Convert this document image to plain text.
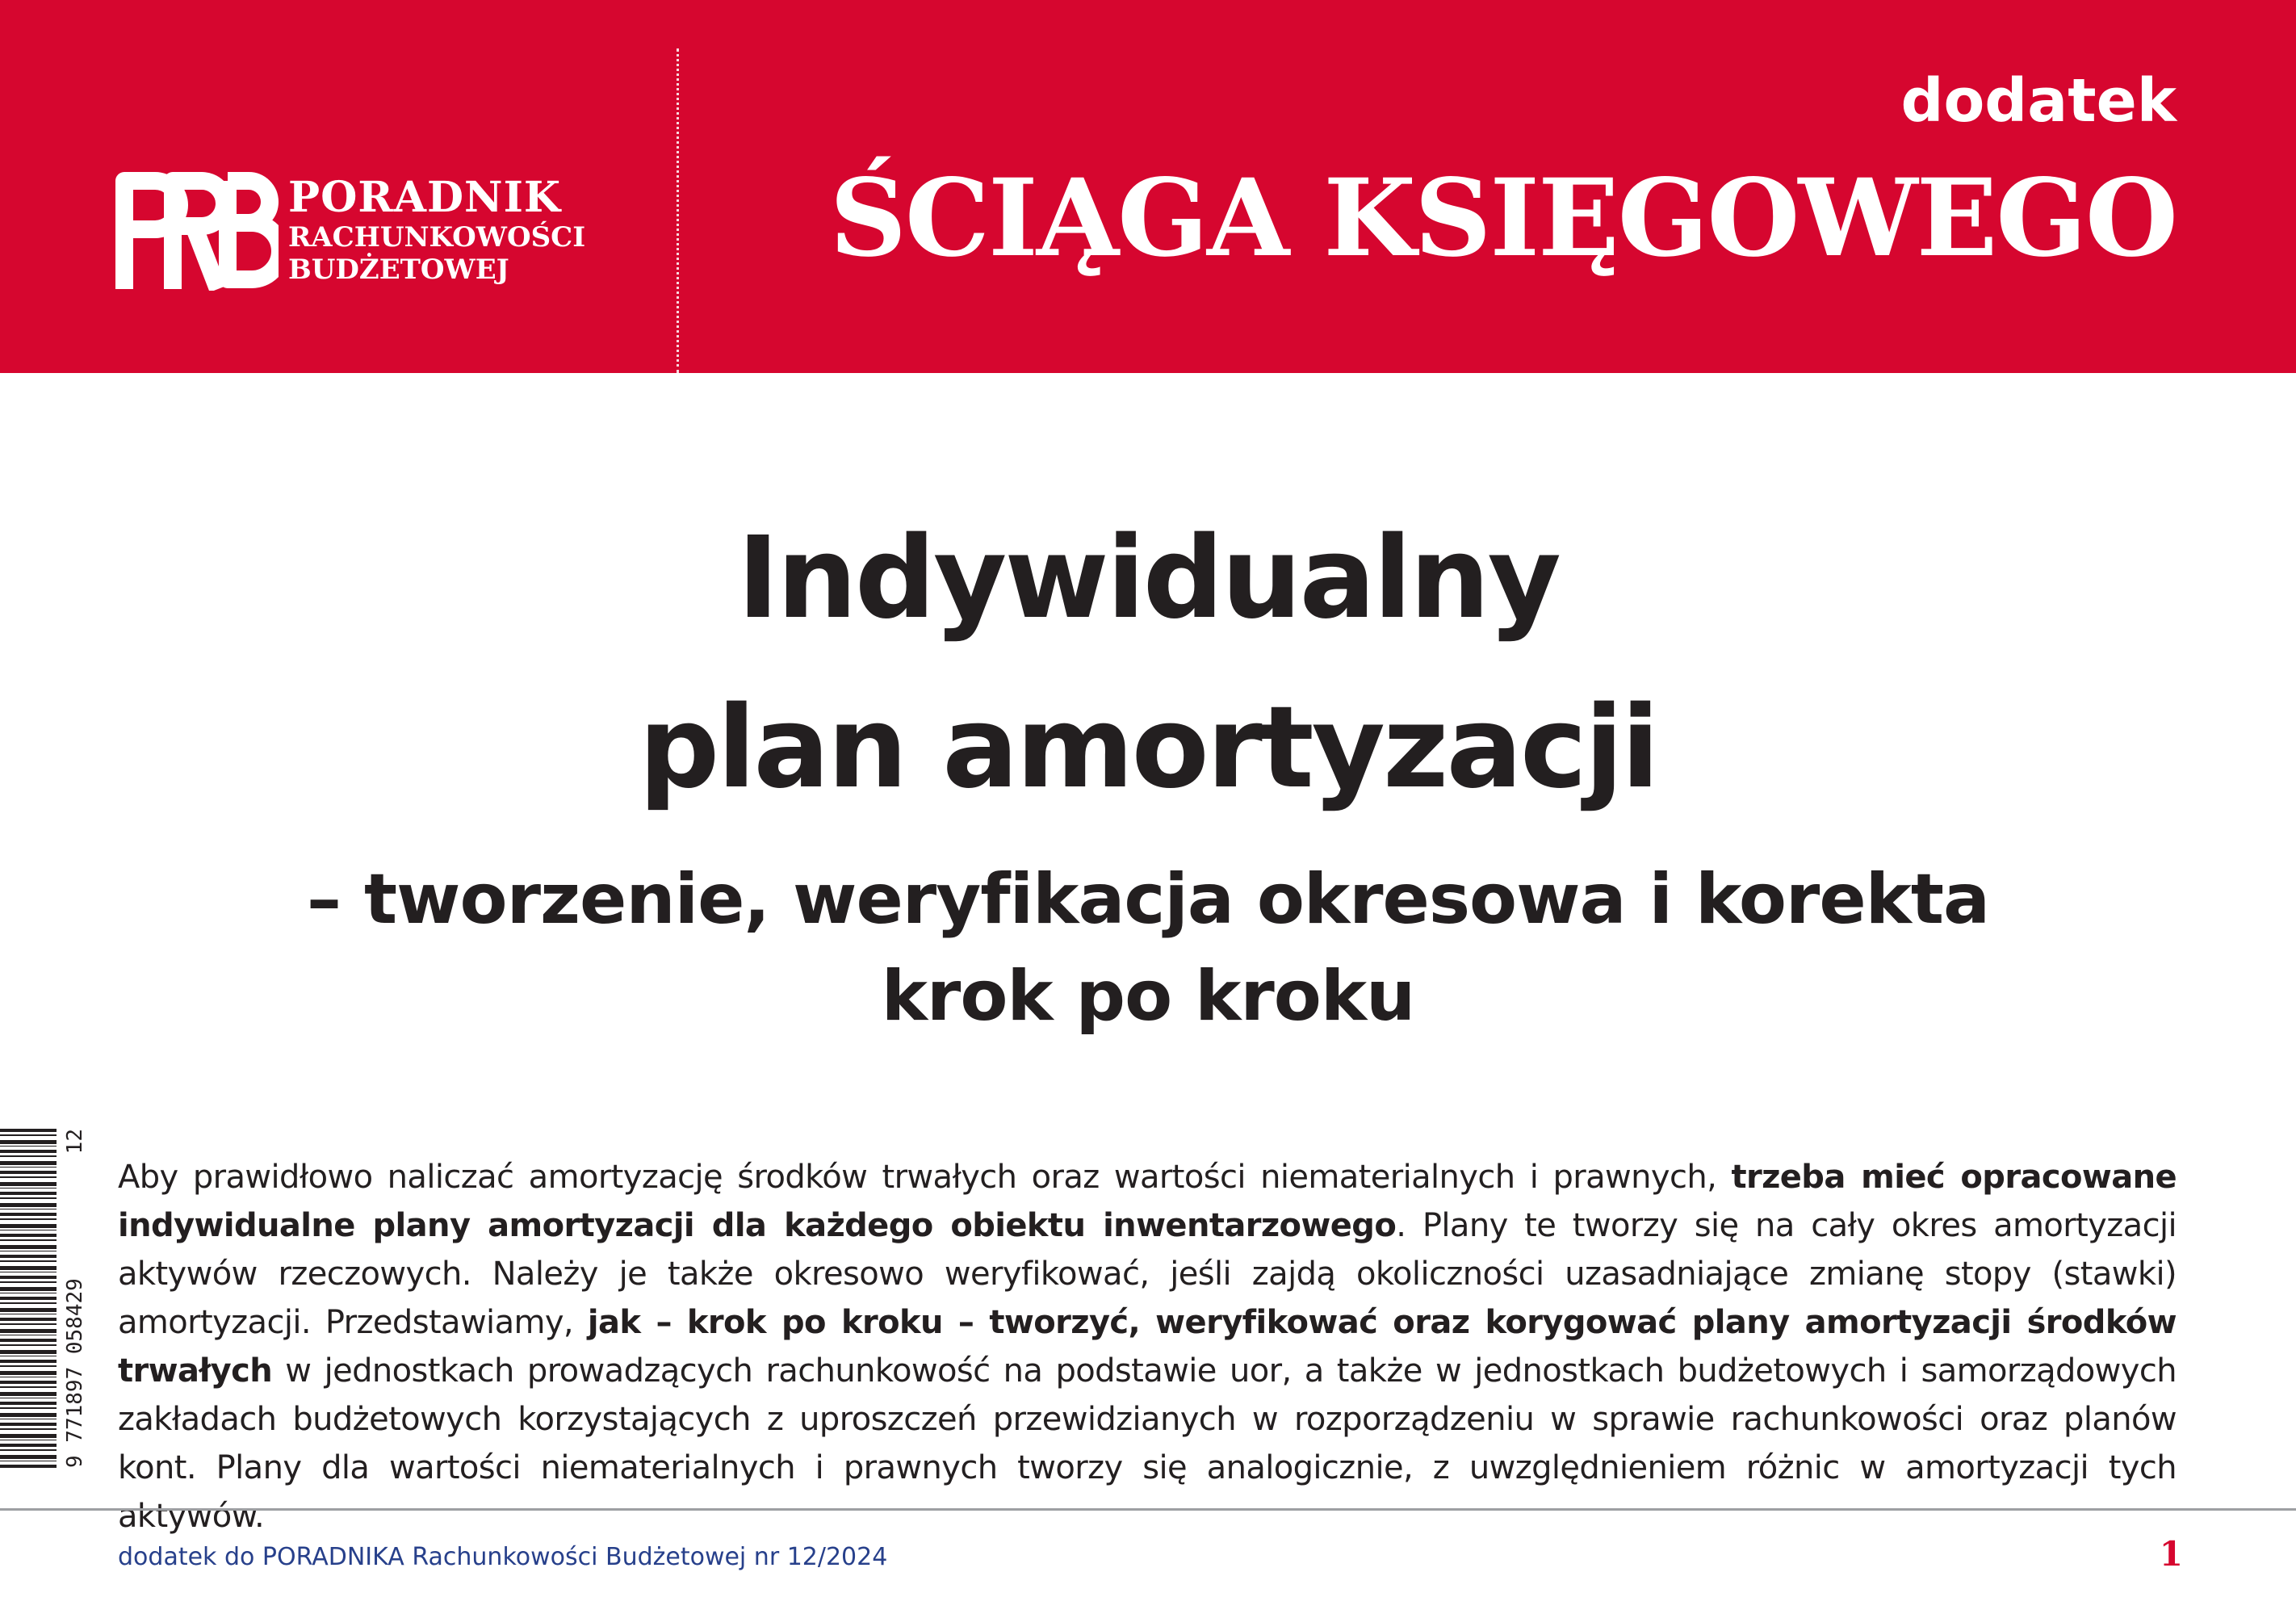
PORADNIK
RACHUNKOWOŚCI
BUDŻETOWEJ
dodatek
ŚCIĄGA KSIĘGOWEGO
Indywidualny
plan amortyzacji
– tworzenie, weryfikacja okresowa i korekta
krok po kroku
9 771897 058429
12

Aby prawidłowo naliczać amortyzację środków trwałych oraz wartości niematerialnych i prawnych, trzeba mieć opracowane indywidualne plany amortyzacji dla każdego obiektu inwentarzowego. Plany te tworzy się na cały okres amortyzacji aktywów rzeczowych. Należy je także okresowo weryfikować, jeśli zajdą okoliczności uzasadniające zmianę stopy (stawki) amortyzacji. Przedstawiamy, jak – krok po kroku – tworzyć, weryfikować oraz korygować plany amortyzacji środków trwałych w jednostkach prowadzących rachunkowość na podstawie uor, a także w jednostkach budżetowych i samorządowych zakładach budżetowych korzystających z uproszczeń przewidzianych w rozporządzeniu w sprawie rachunkowości oraz planów kont. Plany dla wartości niematerialnych i prawnych tworzy się analogicznie, z uwzględnieniem różnic w amortyzacji tych aktywów.

dodatek do PORADNIKA Rachunkowości Budżetowej nr 12/2024	1
